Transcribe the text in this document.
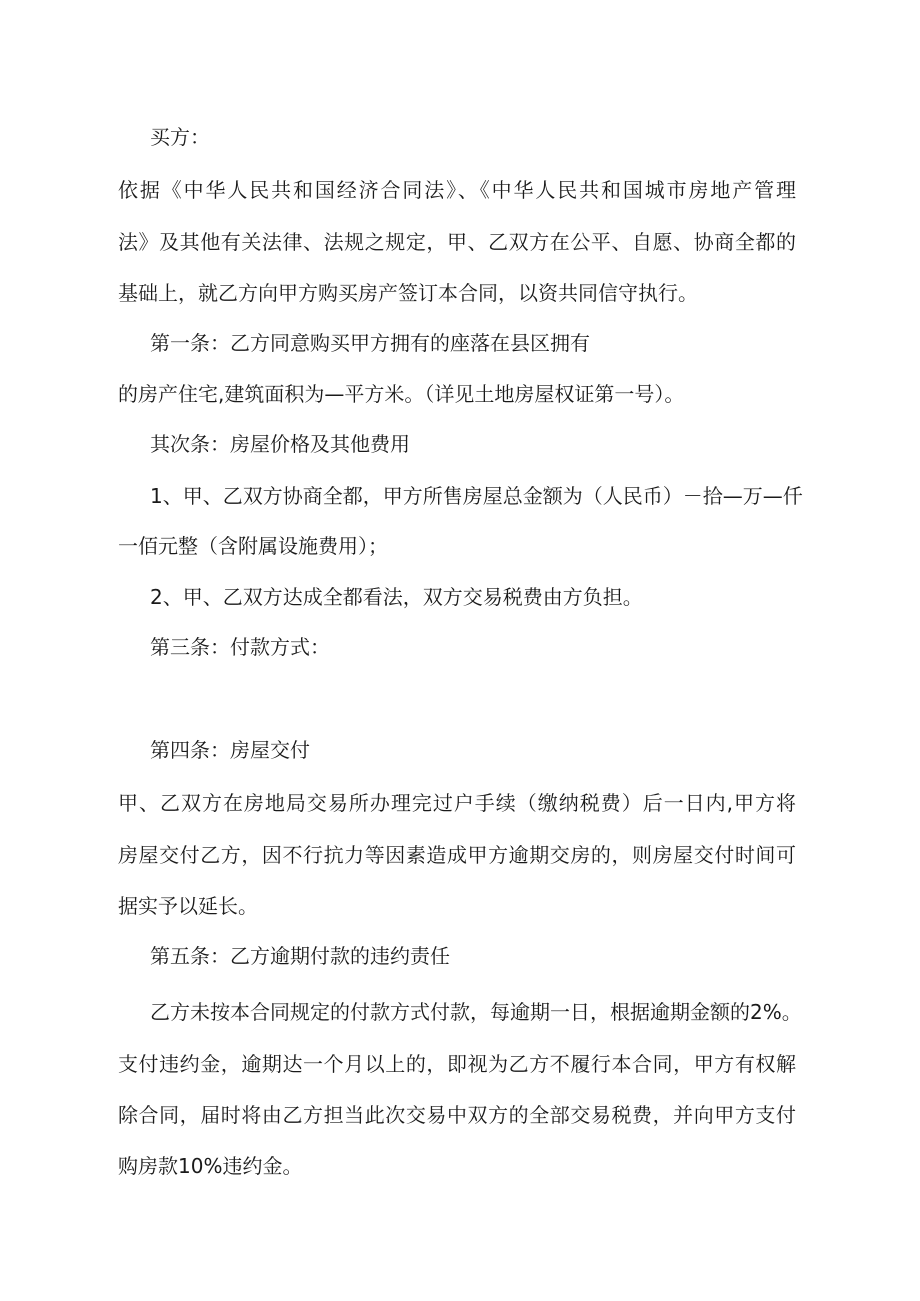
买方：

依据《中华人民共和国经济合同法》、《中华人民共和国城市房地产管理

法》及其他有关法律、法规之规定，甲、乙双方在公平、自愿、协商全都的

基础上，就乙方向甲方购买房产签订本合同，以资共同信守执行。

第一条：乙方同意购买甲方拥有的座落在县区拥有

的房产住宅,建筑面积为—平方米。（详见土地房屋权证第一号）。

其次条：房屋价格及其他费用

1、甲、乙双方协商全都，甲方所售房屋总金额为（人民币）－拾—万—仟

一佰元整（含附属设施费用）；

2、甲、乙双方达成全都看法，双方交易税费由方负担。

第三条：付款方式：

第四条：房屋交付

甲、乙双方在房地局交易所办理完过户手续（缴纳税费）后一日内,甲方将

房屋交付乙方，因不行抗力等因素造成甲方逾期交房的，则房屋交付时间可

据实予以延长。

第五条：乙方逾期付款的违约责任

乙方未按本合同规定的付款方式付款，每逾期一日，根据逾期金额的2%。

支付违约金，逾期达一个月以上的，即视为乙方不履行本合同，甲方有权解

除合同，届时将由乙方担当此次交易中双方的全部交易税费，并向甲方支付

购房款10%违约金。
